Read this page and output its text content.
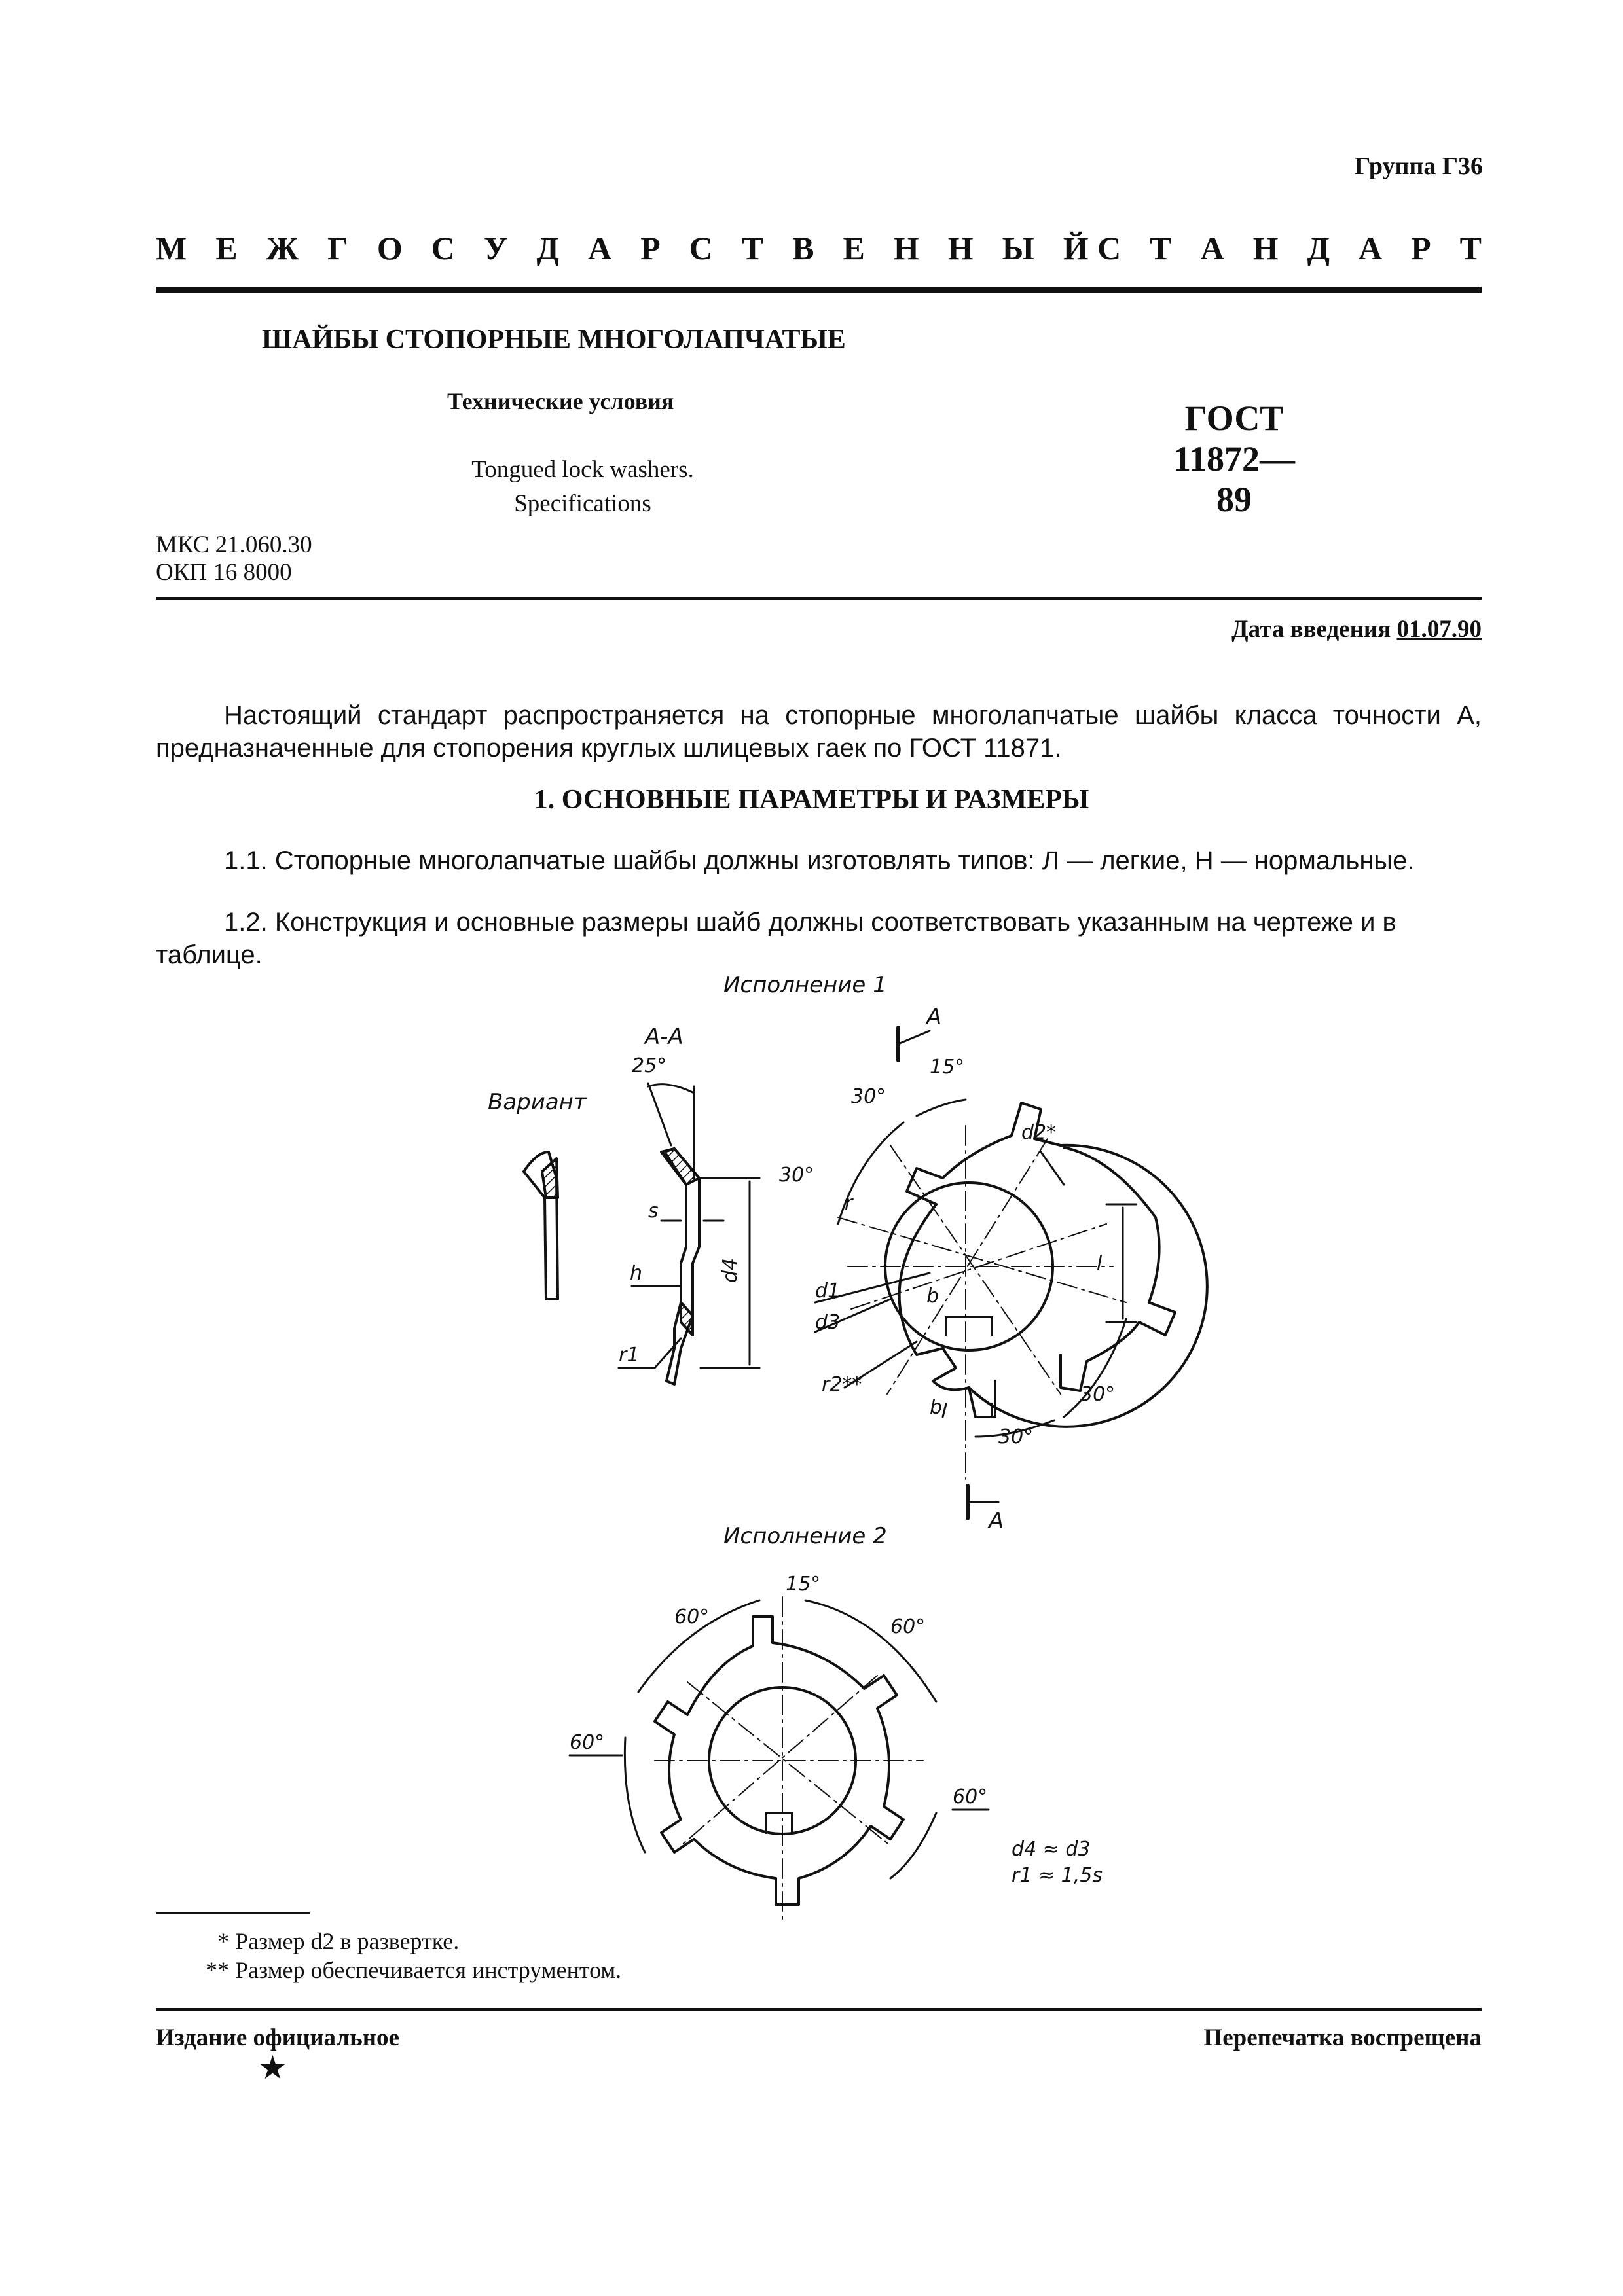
Группа Г36
М Е Ж Г О С У Д А Р С Т В Е Н Н Ы Й С Т А Н Д А Р Т
ШАЙБЫ СТОПОРНЫЕ МНОГОЛАПЧАТЫЕ
Технические условия
Tongued lock washers.
Specifications
ГОСТ
11872—89
МКС 21.060.30
ОКП 16 8000
Дата введения 01.07.90
Настоящий стандарт распространяется на стопорные многолапчатые шайбы класса точности А, предназначенные для стопорения круглых шлицевых гаек по ГОСТ 11871.
1. ОСНОВНЫЕ ПАРАМЕТРЫ И РАЗМЕРЫ
1.1. Стопорные многолапчатые шайбы должны изготовлять типов: Л — легкие, Н — нормальные.
1.2. Конструкция и основные размеры шайб должны соответствовать указанным на чертеже и в таблице.
Исполнение 1
Исполнение 2
Вариант
А-А
25°
А
А
15°
30°
30°
30°
30°
s
h
r1
d4
r
d2*
d1
d3
r2**
b
b
l
15°
60°	60°
60°
60°
d4 ≈ d3
r1 ≈ 1,5s
* Размер d2 в развертке.
** Размер обеспечивается инструментом.
Издание официальное
★
Перепечатка воспрещена
